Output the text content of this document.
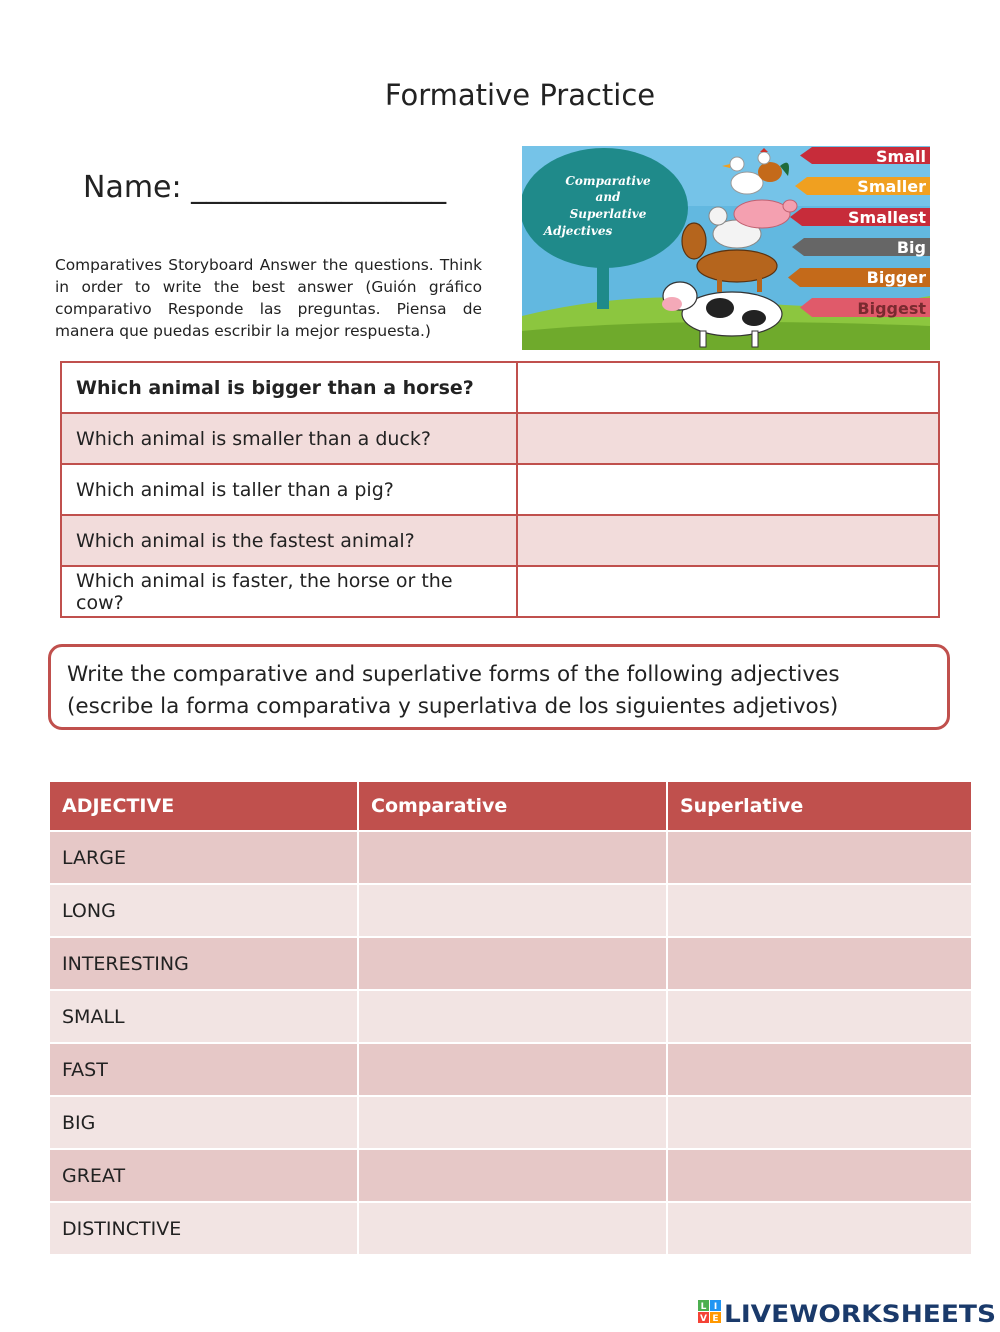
Formative Practice
Name: _________________
Comparatives Storyboard Answer the questions. Think in order to write the best answer (Guión gráfico comparativo Responde las preguntas. Piensa de manera que puedas escribir la mejor respuesta.)
Comparative
and
Superlative
Adjectives
Small
Smaller
Smallest
Big
Bigger
Biggest
Which animal is bigger than a horse?	
Which animal is smaller than a duck?	
Which animal is taller than a pig?	
Which animal is the fastest animal?	
Which animal is faster, the horse or the cow?	
Write the comparative and superlative forms of the following adjectives (escribe la forma comparativa y superlativa de los siguientes adjetivos)
ADJECTIVE	Comparative	Superlative
LARGE		
LONG		
INTERESTING		
SMALL		
FAST		
BIG		
GREAT		
DISTINCTIVE		
L I
V E LIVEWORKSHEETS
